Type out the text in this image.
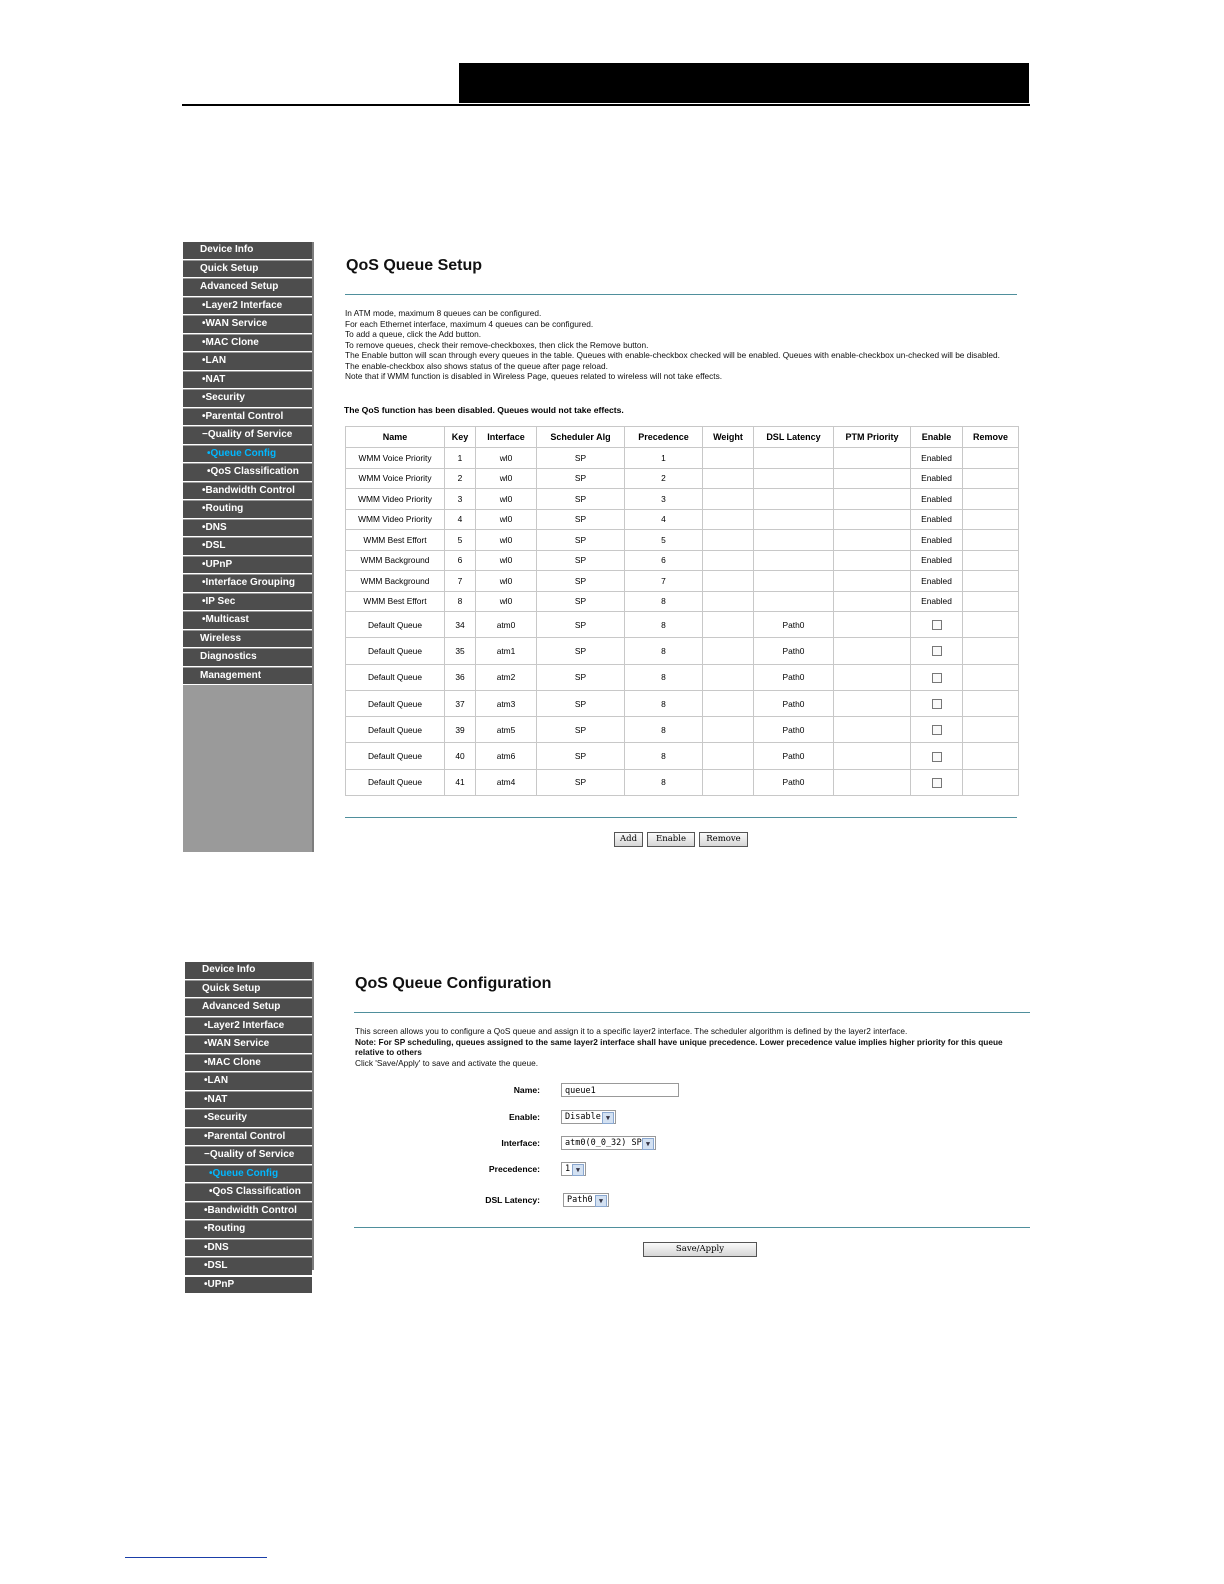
Device Info
Quick Setup
Advanced Setup
•Layer2 Interface
•WAN Service
•MAC Clone
•LAN
•NAT
•Security
•Parental Control
−Quality of Service
•Queue Config
•QoS Classification
•Bandwidth Control
•Routing
•DNS
•DSL
•UPnP
•Interface Grouping
•IP Sec
•Multicast
Wireless
Diagnostics
Management
QoS Queue Setup
In ATM mode, maximum 8 queues can be configured.
For each Ethernet interface, maximum 4 queues can be configured.
To add a queue, click the Add button.
To remove queues, check their remove-checkboxes, then click the Remove button.
The Enable button will scan through every queues in the table. Queues with enable-checkbox checked will be enabled. Queues with enable-checkbox un-checked will be disabled.
The enable-checkbox also shows status of the queue after page reload.
Note that if WMM function is disabled in Wireless Page, queues related to wireless will not take effects.
The QoS function has been disabled. Queues would not take effects.
Name	Key	Interface	Scheduler Alg	Precedence	Weight	DSL Latency	PTM Priority	Enable	Remove
WMM Voice Priority	1	wl0	SP	1				Enabled	
WMM Voice Priority	2	wl0	SP	2				Enabled	
WMM Video Priority	3	wl0	SP	3				Enabled	
WMM Video Priority	4	wl0	SP	4				Enabled	
WMM Best Effort	5	wl0	SP	5				Enabled	
WMM Background	6	wl0	SP	6				Enabled	
WMM Background	7	wl0	SP	7				Enabled	
WMM Best Effort	8	wl0	SP	8				Enabled	
Default Queue	34	atm0	SP	8		Path0			
Default Queue	35	atm1	SP	8		Path0			
Default Queue	36	atm2	SP	8		Path0			
Default Queue	37	atm3	SP	8		Path0			
Default Queue	39	atm5	SP	8		Path0			
Default Queue	40	atm6	SP	8		Path0			
Default Queue	41	atm4	SP	8		Path0			
Add	Enable	Remove
Device Info
Quick Setup
Advanced Setup
•Layer2 Interface
•WAN Service
•MAC Clone
•LAN
•NAT
•Security
•Parental Control
−Quality of Service
•Queue Config
•QoS Classification
•Bandwidth Control
•Routing
•DNS
•DSL
•UPnP
QoS Queue Configuration
This screen allows you to configure a QoS queue and assign it to a specific layer2 interface. The scheduler algorithm is defined by the layer2 interface.
Note: For SP scheduling, queues assigned to the same layer2 interface shall have unique precedence. Lower precedence value implies higher priority for this queue relative to others
Click 'Save/Apply' to save and activate the queue.
Name:	queue1
Enable:	Disable ▼
Interface:	atm0(0_0_32) SP ▼
Precedence:	1 ▼
DSL Latency:	Path0 ▼
Save/Apply
